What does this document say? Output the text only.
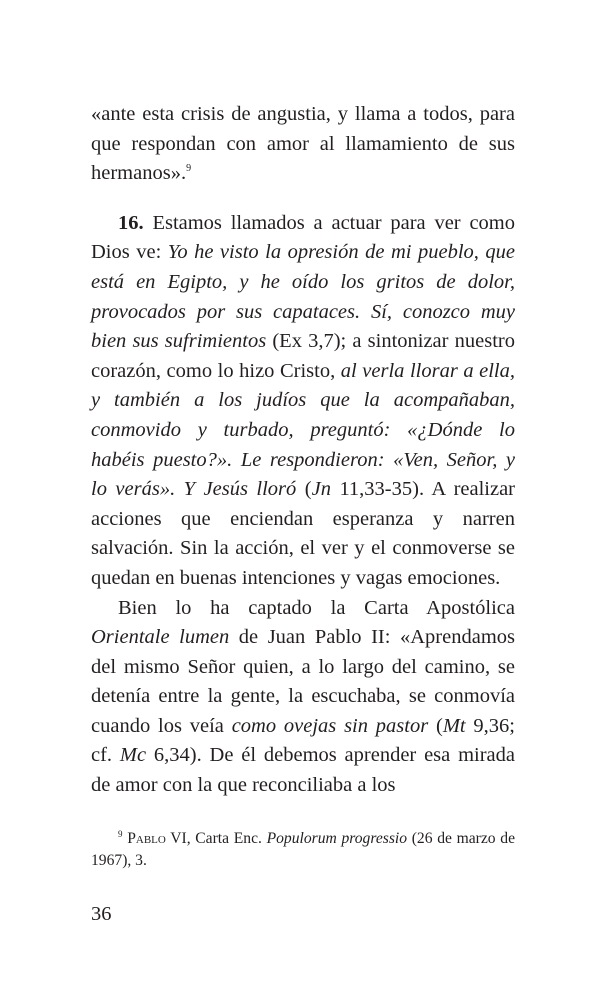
«ante esta crisis de angustia, y llama a todos, para que respondan con amor al llamamiento de sus hermanos».$^9$

16. Estamos llamados a actuar para ver como Dios ve: Yo he visto la opresión de mi pueblo, que está en Egipto, y he oído los gritos de dolor, provocados por sus capataces. Sí, conozco muy bien sus sufrimientos (Ex 3,7); a sintonizar nuestro corazón, como lo hizo Cristo, al verla llorar a ella, y también a los judíos que la acompañaban, conmovido y turbado, preguntó: «¿Dónde lo habéis puesto?». Le respondieron: «Ven, Señor, y lo verás». Y Jesús lloró (Jn 11,33-35). A realizar acciones que enciendan esperanza y narren salvación. Sin la acción, el ver y el conmoverse se quedan en buenas intenciones y vagas emociones.

Bien lo ha captado la Carta Apostólica Orientale lumen de Juan Pablo II: «Aprendamos del mismo Señor quien, a lo largo del camino, se detenía entre la gente, la escuchaba, se conmovía cuando los veía como ovejas sin pastor (Mt 9,36; cf. Mc 6,34). De él debemos aprender esa mirada de amor con la que reconciliaba a los

$^9$ Pablo VI, Carta Enc. Populorum progressio (26 de marzo de 1967), 3.

36
